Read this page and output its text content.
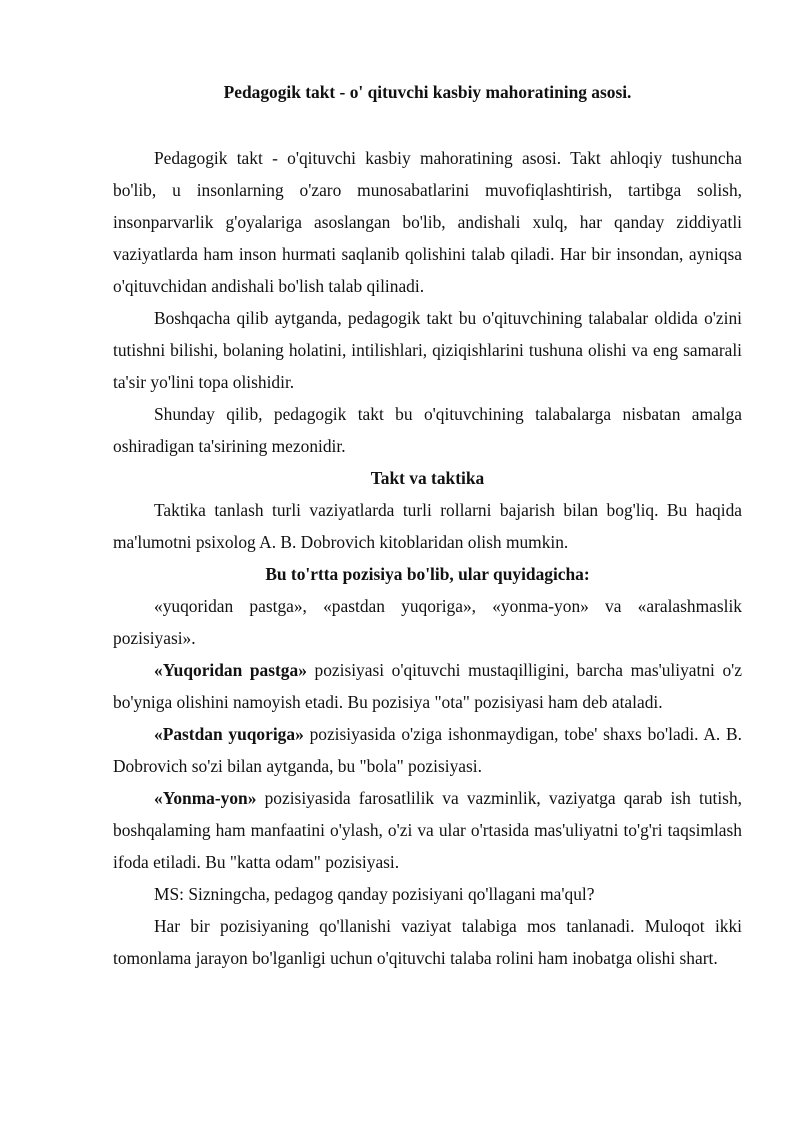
Pedagogik takt - o' qituvchi kasbiy mahoratining asosi.

Pedagogik takt - o'qituvchi kasbiy mahoratining asosi. Takt ahloqiy tushuncha bo'lib, u insonlarning o'zaro munosabatlarini muvofiqlashtirish, tartibga solish, insonparvarlik g'oyalariga asoslangan bo'lib, andishali xulq, har qanday ziddiyatli vaziyatlarda ham inson hurmati saqlanib qolishini talab qiladi. Har bir insondan, ayniqsa o'qituvchidan andishali bo'lish talab qilinadi.

Boshqacha qilib aytganda, pedagogik takt bu o'qituvchining talabalar oldida o'zini tutishni bilishi, bolaning holatini, intilishlari, qiziqishlarini tushuna olishi va eng samarali ta'sir yo'lini topa olishidir.

Shunday qilib, pedagogik takt bu o'qituvchining talabalarga nisbatan amalga oshiradigan ta'sirining mezonidir.

Takt va taktika

Taktika tanlash turli vaziyatlarda turli rollarni bajarish bilan bog'liq. Bu haqida ma'lumotni psixolog A. B. Dobrovich kitoblaridan olish mumkin.

Bu to'rtta pozisiya bo'lib, ular quyidagicha:

«yuqoridan pastga», «pastdan yuqoriga», «yonma-yon» va «aralashmaslik pozisiyasi».

«Yuqoridan pastga» pozisiyasi o'qituvchi mustaqilligini, barcha mas'uliyatni o'z bo'yniga olishini namoyish etadi. Bu pozisiya "ota" pozisiyasi ham deb ataladi.

«Pastdan yuqoriga» pozisiyasida o'ziga ishonmaydigan, tobe' shaxs bo'ladi. A. B. Dobrovich so'zi bilan aytganda, bu "bola" pozisiyasi.

«Yonma-yon» pozisiyasida farosatlilik va vazminlik, vaziyatga qarab ish tutish, boshqalaming ham manfaatini o'ylash, o'zi va ular o'rtasida mas'uliyatni to'g'ri taqsimlash ifoda etiladi. Bu "katta odam" pozisiyasi.

MS: Sizningcha, pedagog qanday pozisiyani qo'llagani ma'qul?

Har bir pozisiyaning qo'llanishi vaziyat talabiga mos tanlanadi. Muloqot ikki tomonlama jarayon bo'lganligi uchun o'qituvchi talaba rolini ham inobatga olishi shart.
